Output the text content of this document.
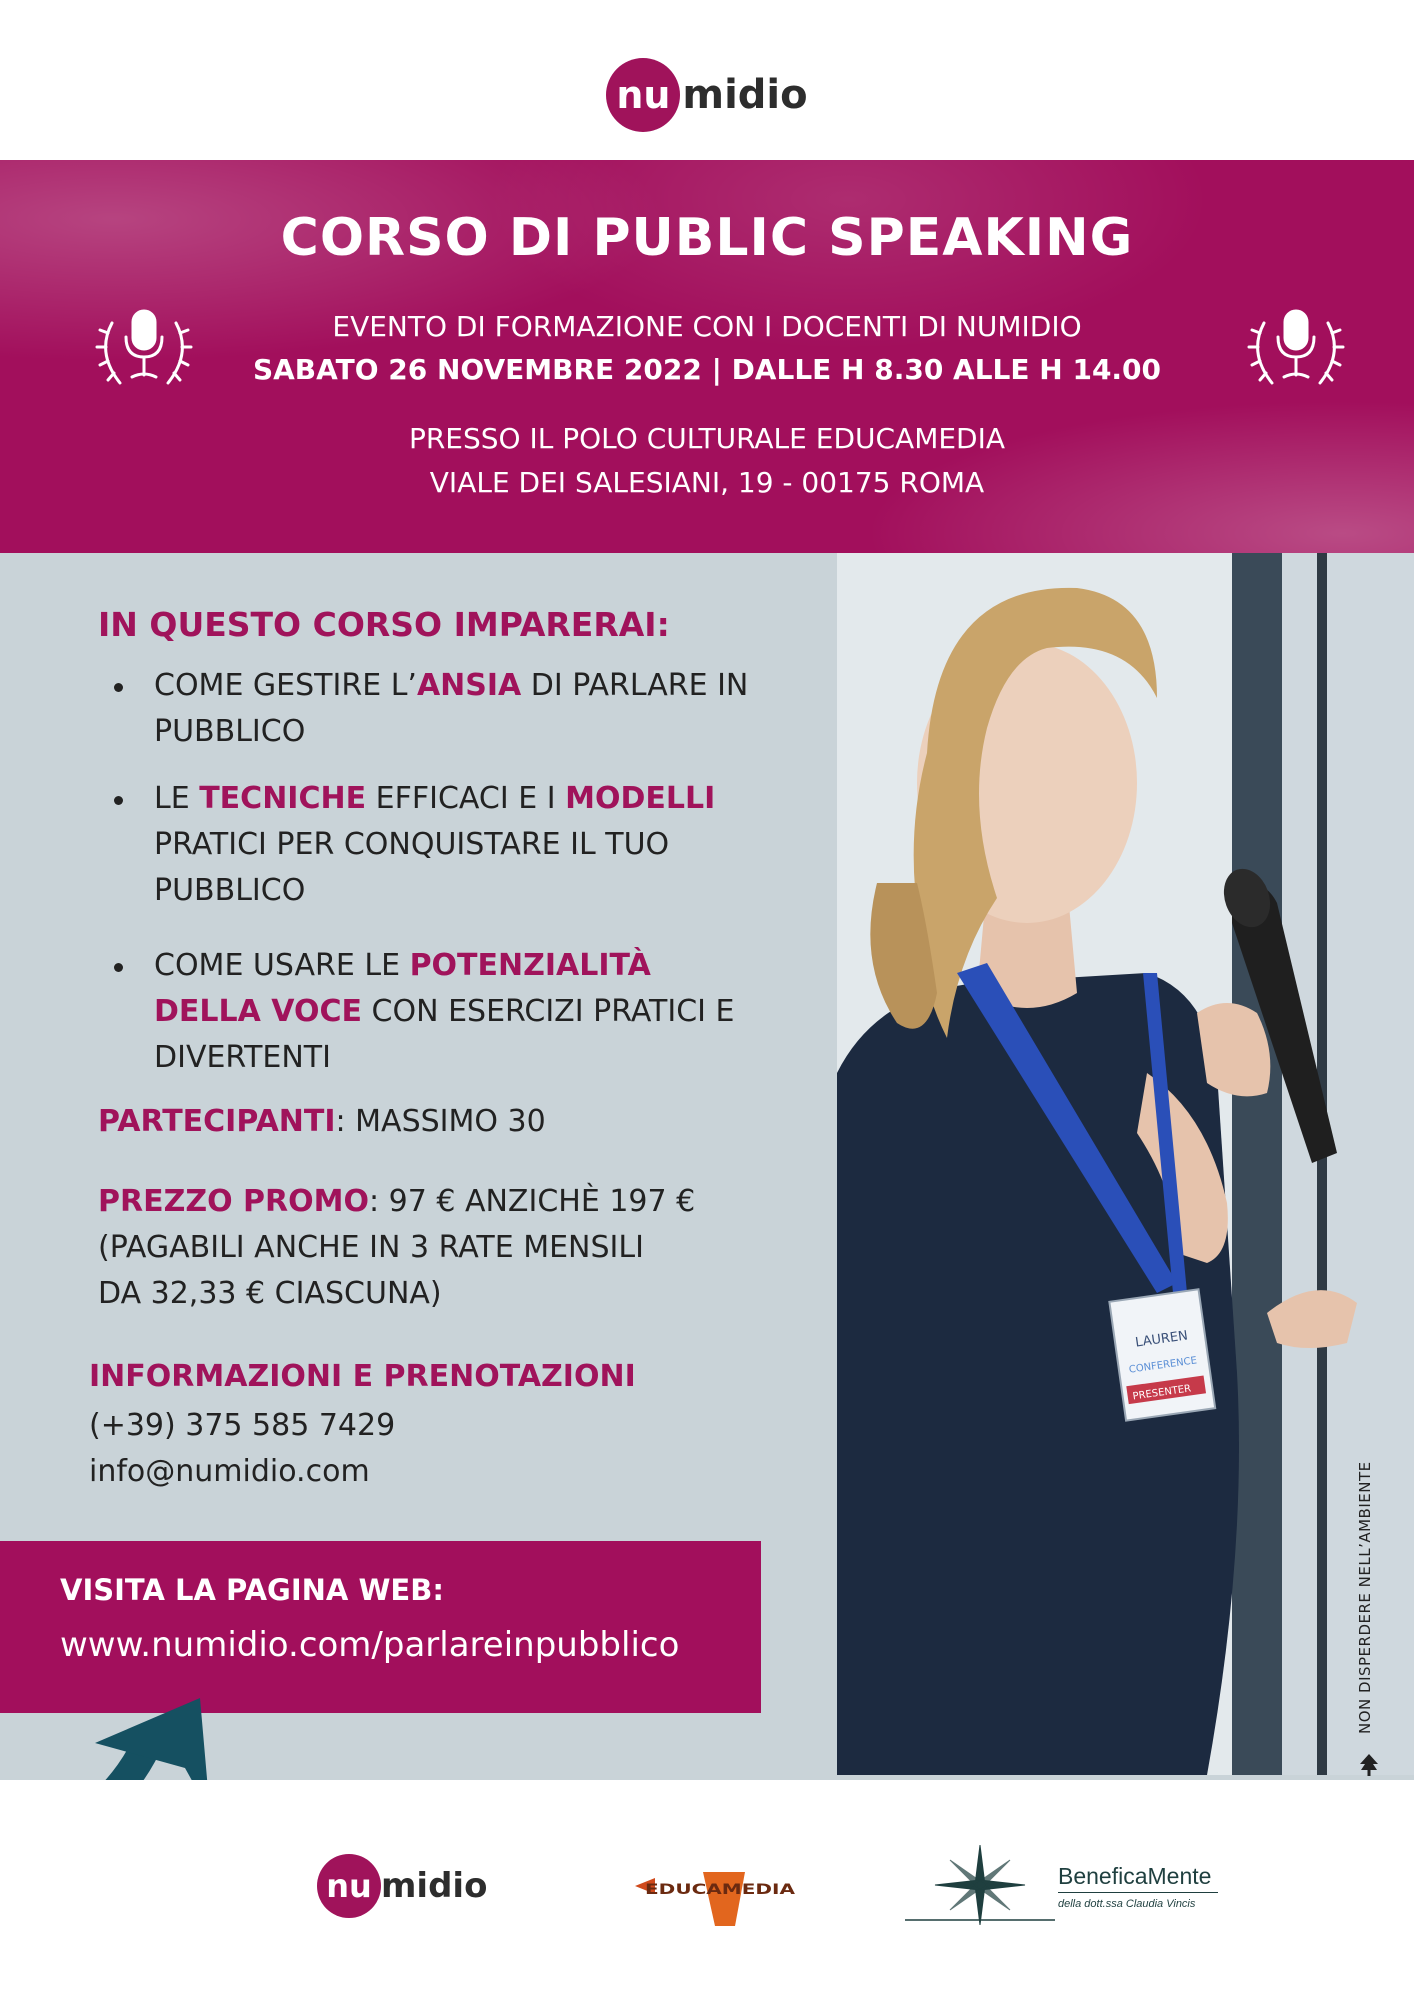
nu midio
CORSO DI PUBLIC SPEAKING
EVENTO DI FORMAZIONE CON I DOCENTI DI NUMIDIO
SABATO 26 NOVEMBRE 2022 | DALLE H 8.30 ALLE H 14.00
PRESSO IL POLO CULTURALE EDUCAMEDIA
VIALE DEI SALESIANI, 19 - 00175 ROMA
LAUREN
CONFERENCE
PRESENTER
IN QUESTO CORSO IMPARERAI:
COME GESTIRE L’ANSIA DI PARLARE IN PUBBLICO
LE TECNICHE EFFICACI E I MODELLI PRATICI PER CONQUISTARE IL TUO PUBBLICO
COME USARE LE POTENZIALITÀ DELLA VOCE CON ESERCIZI PRATICI E DIVERTENTI
PARTECIPANTI: MASSIMO 30
PREZZO PROMO: 97 € ANZICHÈ 197 €
(PAGABILI ANCHE IN 3 RATE MENSILI
DA 32,33 € CIASCUNA)
INFORMAZIONI E PRENOTAZIONI
(+39) 375 585 7429
info@numidio.com
VISITA LA PAGINA WEB:
www.numidio.com/parlareinpubblico	NON DISPERDERE NELL’AMBIENTE
nu midio	EDUCAMEDIA
BeneficaMente
della dott.ssa Claudia Vincis
